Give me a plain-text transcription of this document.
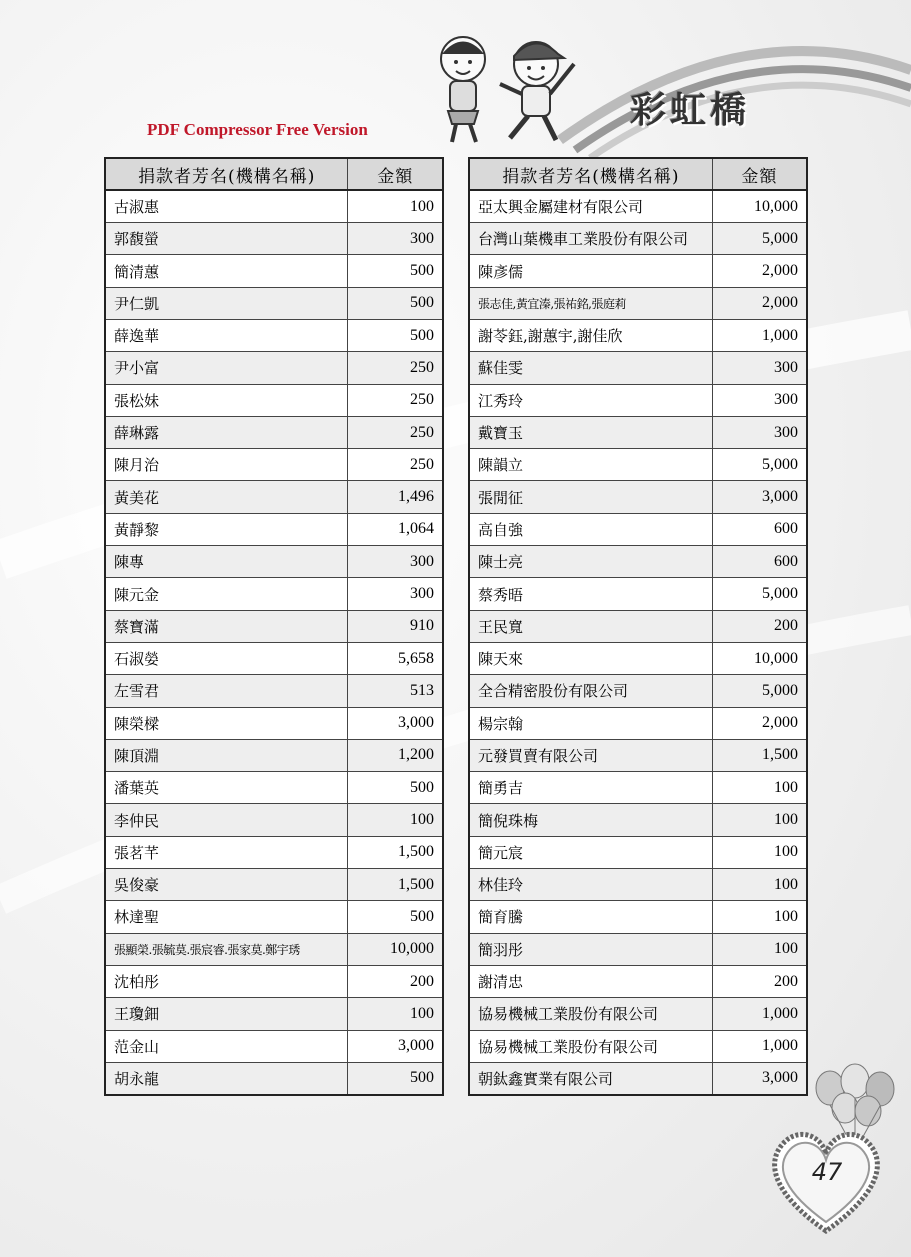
PDF Compressor Free Version	彩虹橋
捐款者芳名(機構名稱)	金額
古淑惠	100
郭馥螢	300
簡清蕙	500
尹仁凱	500
薛逸華	500
尹小富	250
張松妹	250
薛琳露	250
陳月治	250
黃美花	1,496
黃靜黎	1,064
陳專	300
陳元金	300
蔡寶滿	910
石淑嫈	5,658
左雪君	513
陳榮樑	3,000
陳頂淵	1,200
潘葉英	500
李仲民	100
張茗芊	1,500
吳俊豪	1,500
林達聖	500
張顯榮.張毓莫.張宸睿.張家莫.鄭宇琇	10,000
沈柏彤	200
王瓊鈿	100
范金山	3,000
胡永龍	500
捐款者芳名(機構名稱)	金額
亞太興金屬建材有限公司	10,000
台灣山葉機車工業股份有限公司	5,000
陳彥儒	2,000
張志佳,黃宜溱,張祐銘,張庭莉	2,000
謝苓鈺,謝蕙宇,謝佳欣	1,000
蘇佳雯	300
江秀玲	300
戴寶玉	300
陳韻立	5,000
張閒征	3,000
高自強	600
陳士亮	600
蔡秀晤	5,000
王民寬	200
陳天來	10,000
全合精密股份有限公司	5,000
楊宗翰	2,000
元發買賣有限公司	1,500
簡勇吉	100
簡倪珠梅	100
簡元宸	100
林佳玲	100
簡育騰	100
簡羽彤	100
謝清忠	200
協易機械工業股份有限公司	1,000
協易機械工業股份有限公司	1,000
朝鈦鑫實業有限公司	3,000
47
